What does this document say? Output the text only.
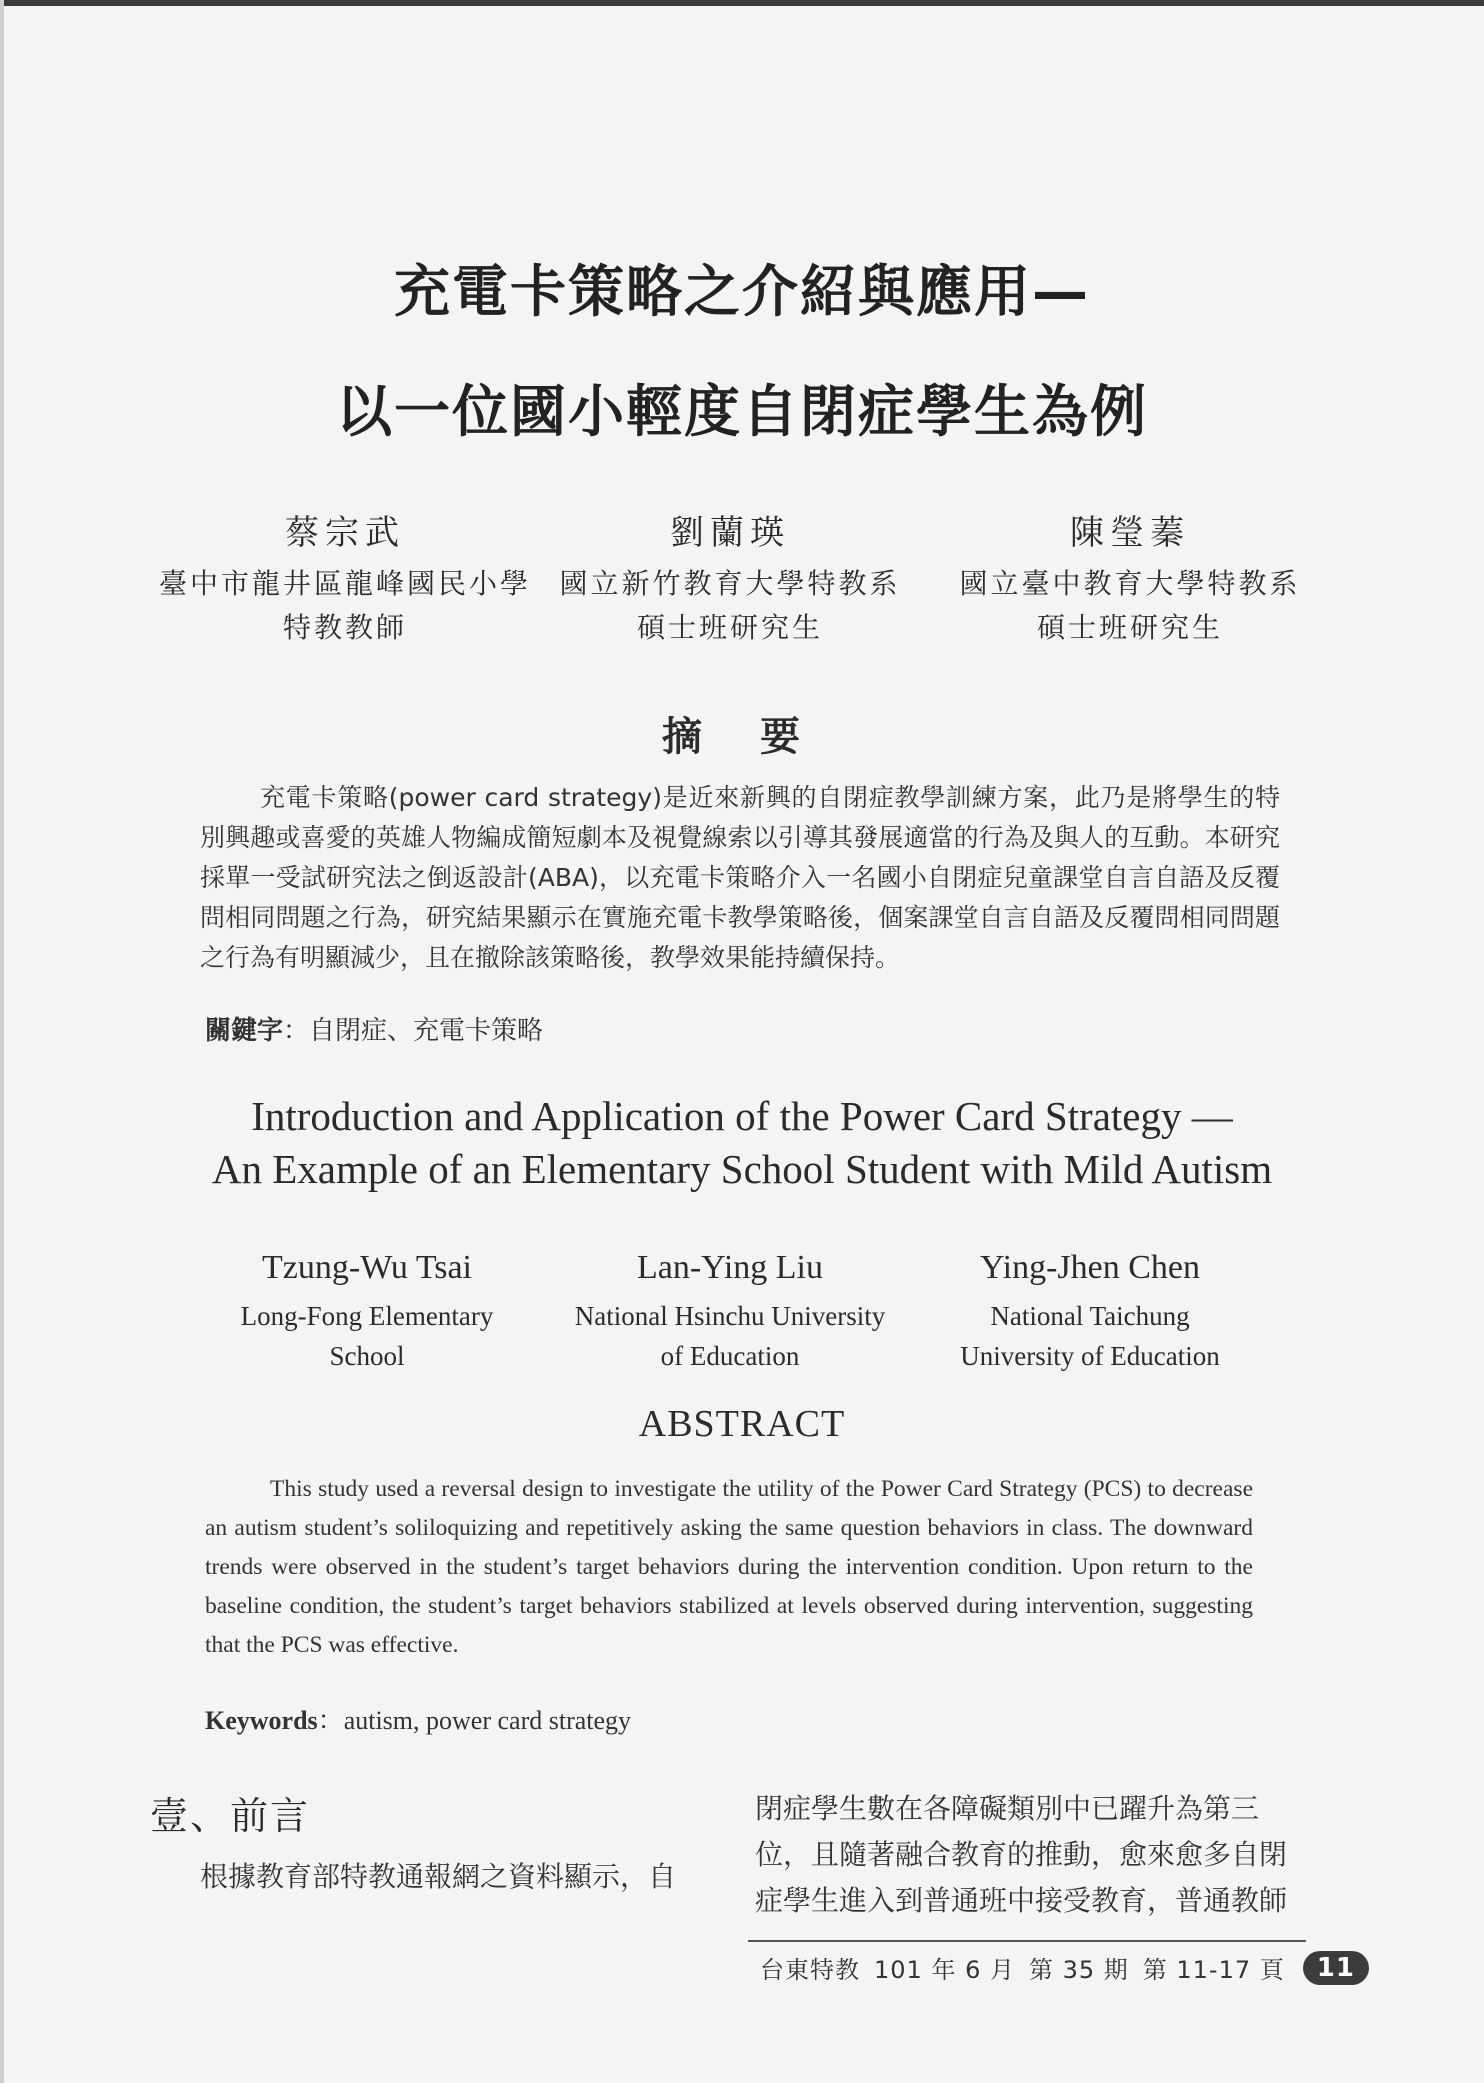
充電卡策略之介紹與應用—
以一位國小輕度自閉症學生為例
蔡宗武
臺中市龍井區龍峰國民小學
特教教師
劉蘭瑛
國立新竹教育大學特教系
碩士班研究生
陳瑩蓁
國立臺中教育大學特教系
碩士班研究生
摘 要
充電卡策略(power card strategy)是近來新興的自閉症教學訓練方案，此乃是將學生的特別興趣或喜愛的英雄人物編成簡短劇本及視覺線索以引導其發展適當的行為及與人的互動。本研究採單一受試研究法之倒返設計(ABA)，以充電卡策略介入一名國小自閉症兒童課堂自言自語及反覆問相同問題之行為，研究結果顯示在實施充電卡教學策略後，個案課堂自言自語及反覆問相同問題之行為有明顯減少，且在撤除該策略後，教學效果能持續保持。
關鍵字：自閉症、充電卡策略
Introduction and Application of the Power Card Strategy —
An Example of an Elementary School Student with Mild Autism
Tzung-Wu Tsai
Long-Fong Elementary
School
Lan-Ying Liu
National Hsinchu University
of Education
Ying-Jhen Chen
National Taichung
University of Education
ABSTRACT
This study used a reversal design to investigate the utility of the Power Card Strategy (PCS) to decrease an autism student’s soliloquizing and repetitively asking the same question behaviors in class. The downward trends were observed in the student’s target behaviors during the intervention condition. Upon return to the baseline condition, the student’s target behaviors stabilized at levels observed during intervention, suggesting that the PCS was effective.
Keywords：autism, power card strategy
壹、前言
根據教育部特教通報網之資料顯示，自
閉症學生數在各障礙類別中已躍升為第三
位，且隨著融合教育的推動，愈來愈多自閉
症學生進入到普通班中接受教育，普通教師
台東特教 101 年 6 月 第 35 期 第 11-17 頁	11
